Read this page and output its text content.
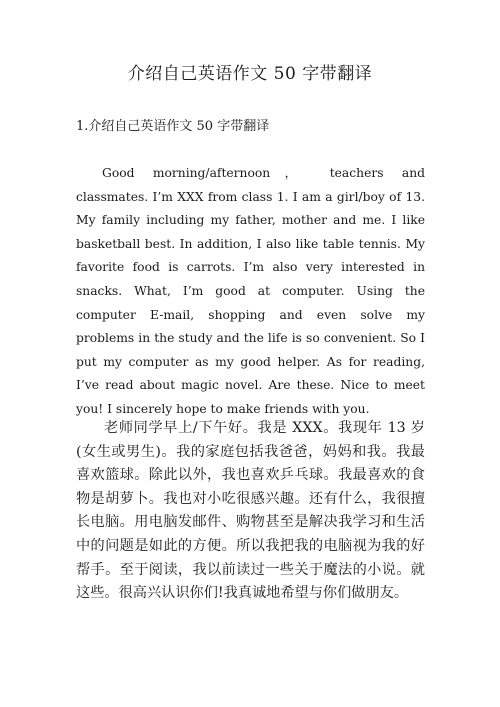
介绍自己英语作文 50 字带翻译
1.介绍自己英语作文 50 字带翻译
Good morning/afternoon， teachers and classmates. I’m XXX from class 1. I am a girl/boy of 13. My family including my father, mother and me. I like basketball best. In addition, I also like table tennis. My favorite food is carrots. I’m also very interested in snacks. What, I’m good at computer. Using the computer E-mail, shopping and even solve my problems in the study and the life is so convenient. So I put my computer as my good helper. As for reading, I’ve read about magic novel. Are these. Nice to meet you! I sincerely hope to make friends with you.
老师同学早上/下午好。我是 XXX。我现年 13 岁(女生或男生)。我的家庭包括我爸爸，妈妈和我。我最喜欢篮球。除此以外，我也喜欢乒乓球。我最喜欢的食物是胡萝卜。我也对小吃很感兴趣。还有什么，我很擅长电脑。用电脑发邮件、购物甚至是解决我学习和生活中的问题是如此的方便。所以我把我的电脑视为我的好帮手。至于阅读，我以前读过一些关于魔法的小说。就这些。很高兴认识你们!我真诚地希望与你们做朋友。
